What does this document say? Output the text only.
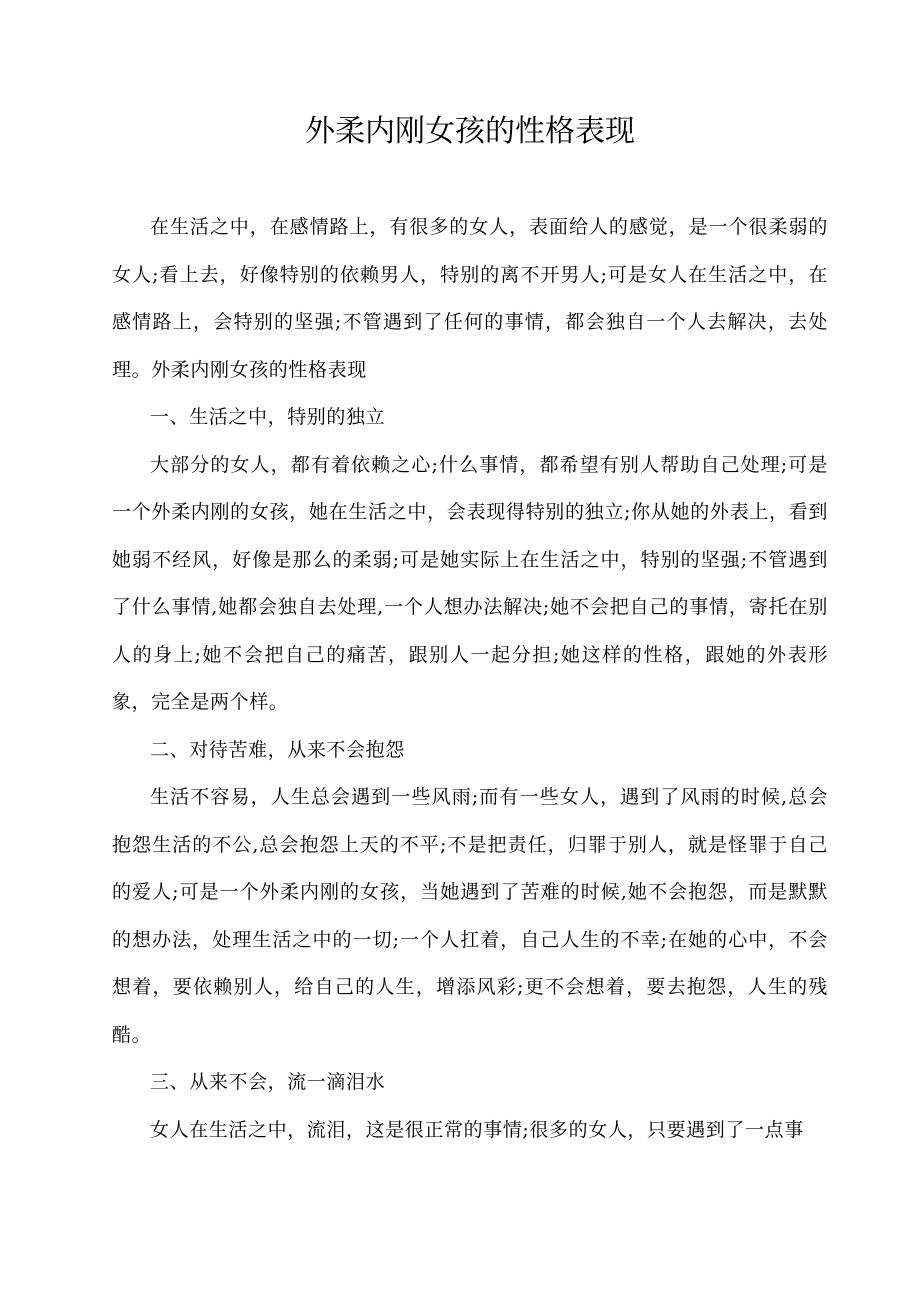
外柔内刚女孩的性格表现

在生活之中，在感情路上，有很多的女人，表面给人的感觉，是一个很柔弱的女人;看上去，好像特别的依赖男人，特别的离不开男人;可是女人在生活之中，在感情路上，会特别的坚强;不管遇到了任何的事情，都会独自一个人去解决，去处理。外柔内刚女孩的性格表现

一、生活之中，特别的独立

大部分的女人，都有着依赖之心;什么事情，都希望有别人帮助自己处理;可是一个外柔内刚的女孩，她在生活之中，会表现得特别的独立;你从她的外表上，看到她弱不经风，好像是那么的柔弱;可是她实际上在生活之中，特别的坚强;不管遇到了什么事情,她都会独自去处理,一个人想办法解决;她不会把自己的事情，寄托在别人的身上;她不会把自己的痛苦，跟别人一起分担;她这样的性格，跟她的外表形象，完全是两个样。

二、对待苦难，从来不会抱怨

生活不容易，人生总会遇到一些风雨;而有一些女人，遇到了风雨的时候,总会抱怨生活的不公,总会抱怨上天的不平;不是把责任，归罪于别人，就是怪罪于自己的爱人;可是一个外柔内刚的女孩，当她遇到了苦难的时候,她不会抱怨，而是默默的想办法，处理生活之中的一切;一个人扛着，自己人生的不幸;在她的心中，不会想着，要依赖别人，给自己的人生，增添风彩;更不会想着，要去抱怨，人生的残酷。

三、从来不会，流一滴泪水

女人在生活之中，流泪，这是很正常的事情;很多的女人，只要遇到了一点事
